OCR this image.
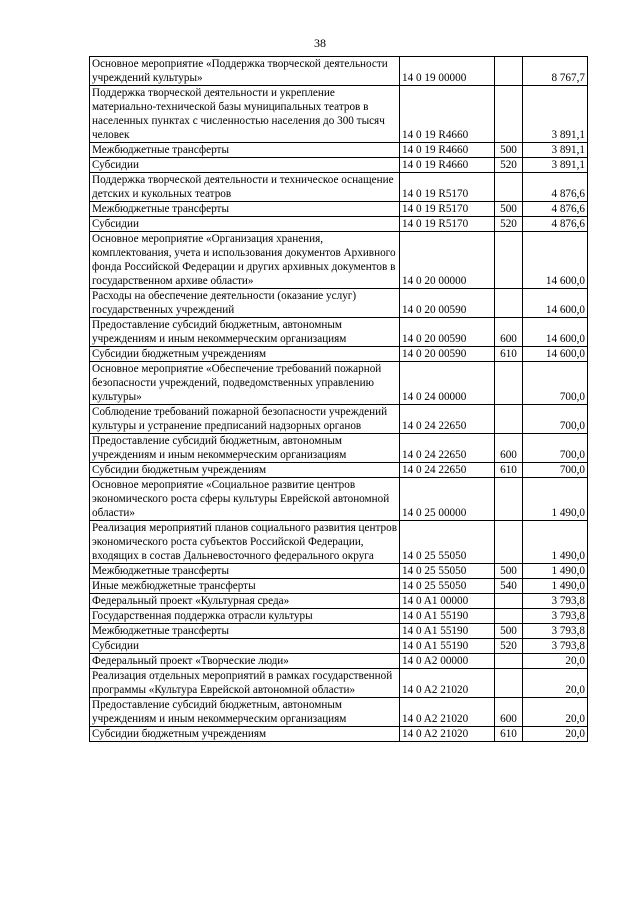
38
Основное мероприятие «Поддержка творческой деятельности учреждений культуры»	14 0 19 00000		8 767,7
Поддержка творческой деятельности и укрепление материально-технической базы муниципальных театров в населенных пунктах с численностью населения до 300 тысяч человек	14 0 19 R4660		3 891,1
Межбюджетные трансферты	14 0 19 R4660	500	3 891,1
Субсидии	14 0 19 R4660	520	3 891,1
Поддержка творческой деятельности и техническое оснащение детских и кукольных театров	14 0 19 R5170		4 876,6
Межбюджетные трансферты	14 0 19 R5170	500	4 876,6
Субсидии	14 0 19 R5170	520	4 876,6
Основное мероприятие «Организация хранения, комплектования, учета и использования документов Архивного фонда Российской Федерации и других архивных документов в государственном архиве области»	14 0 20 00000		14 600,0
Расходы на обеспечение деятельности (оказание услуг) государственных учреждений	14 0 20 00590		14 600,0
Предоставление субсидий бюджетным, автономным учреждениям и иным некоммерческим организациям	14 0 20 00590	600	14 600,0
Субсидии бюджетным учреждениям	14 0 20 00590	610	14 600,0
Основное мероприятие «Обеспечение требований пожарной безопасности учреждений, подведомственных управлению культуры»	14 0 24 00000		700,0
Соблюдение требований пожарной безопасности учреждений культуры и устранение предписаний надзорных органов	14 0 24 22650		700,0
Предоставление субсидий бюджетным, автономным учреждениям и иным некоммерческим организациям	14 0 24 22650	600	700,0
Субсидии бюджетным учреждениям	14 0 24 22650	610	700,0
Основное мероприятие «Социальное развитие центров экономического роста сферы культуры Еврейской автономной области»	14 0 25 00000		1 490,0
Реализация мероприятий планов социального развития центров экономического роста субъектов Российской Федерации, входящих в состав Дальневосточного федерального округа	14 0 25 55050		1 490,0
Межбюджетные трансферты	14 0 25 55050	500	1 490,0
Иные межбюджетные трансферты	14 0 25 55050	540	1 490,0
Федеральный проект «Культурная среда»	14 0 A1 00000		3 793,8
Государственная поддержка отрасли культуры	14 0 A1 55190		3 793,8
Межбюджетные трансферты	14 0 A1 55190	500	3 793,8
Субсидии	14 0 A1 55190	520	3 793,8
Федеральный проект «Творческие люди»	14 0 A2 00000		20,0
Реализация отдельных мероприятий в рамках государственной программы «Культура Еврейской автономной области»	14 0 A2 21020		20,0
Предоставление субсидий бюджетным, автономным учреждениям и иным некоммерческим организациям	14 0 A2 21020	600	20,0
Субсидии бюджетным учреждениям	14 0 A2 21020	610	20,0
